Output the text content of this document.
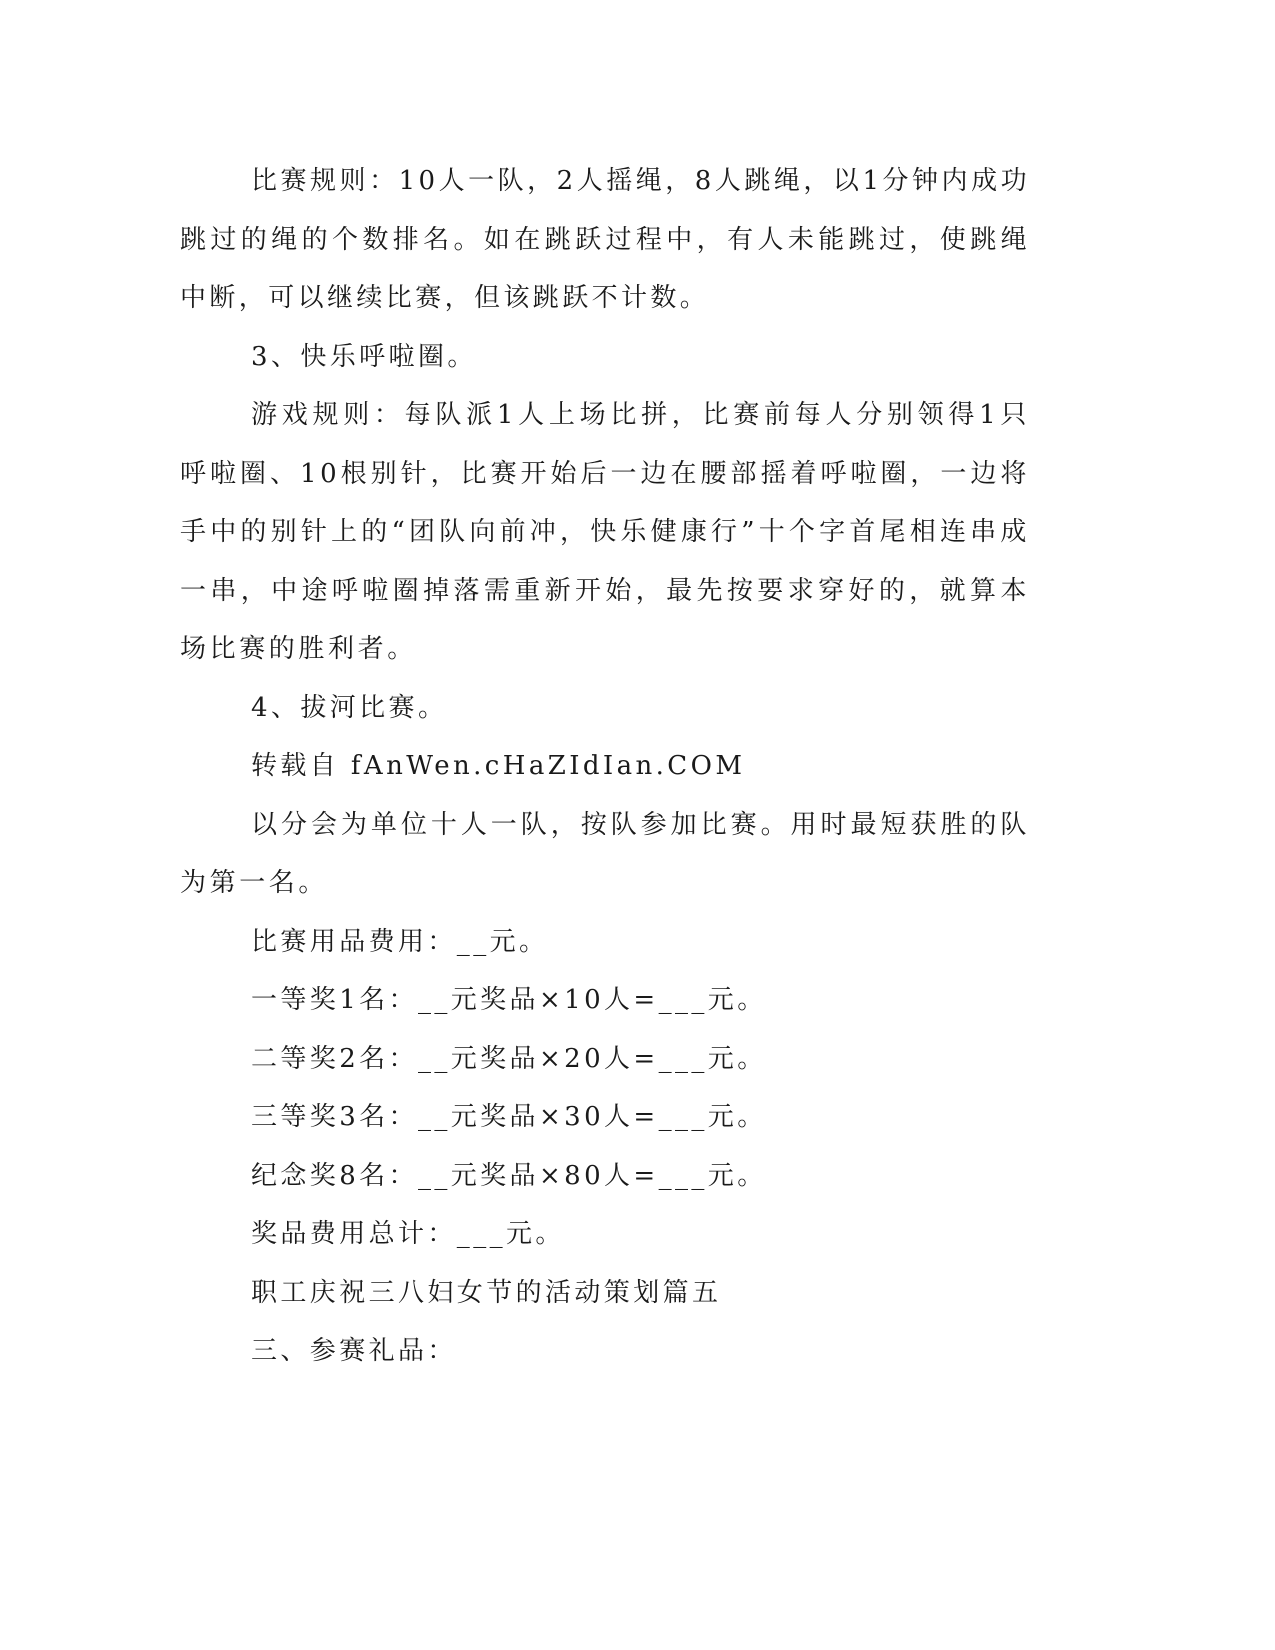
比赛规则：10人一队，2人摇绳，8人跳绳，以1分钟内成功跳过的绳的个数排名。如在跳跃过程中，有人未能跳过，使跳绳中断，可以继续比赛，但该跳跃不计数。

3、快乐呼啦圈。

游戏规则：每队派1人上场比拼，比赛前每人分别领得1只呼啦圈、10根别针，比赛开始后一边在腰部摇着呼啦圈，一边将手中的别针上的“团队向前冲，快乐健康行”十个字首尾相连串成一串，中途呼啦圈掉落需重新开始，最先按要求穿好的，就算本场比赛的胜利者。

4、拔河比赛。

转载自 fAnWen.cHaZIdIan.COM

以分会为单位十人一队，按队参加比赛。用时最短获胜的队为第一名。

比赛用品费用：__元。

一等奖1名：__元奖品×10人=___元。

二等奖2名：__元奖品×20人=___元。

三等奖3名：__元奖品×30人=___元。

纪念奖8名：__元奖品×80人=___元。

奖品费用总计：___元。

职工庆祝三八妇女节的活动策划篇五

三、参赛礼品：
